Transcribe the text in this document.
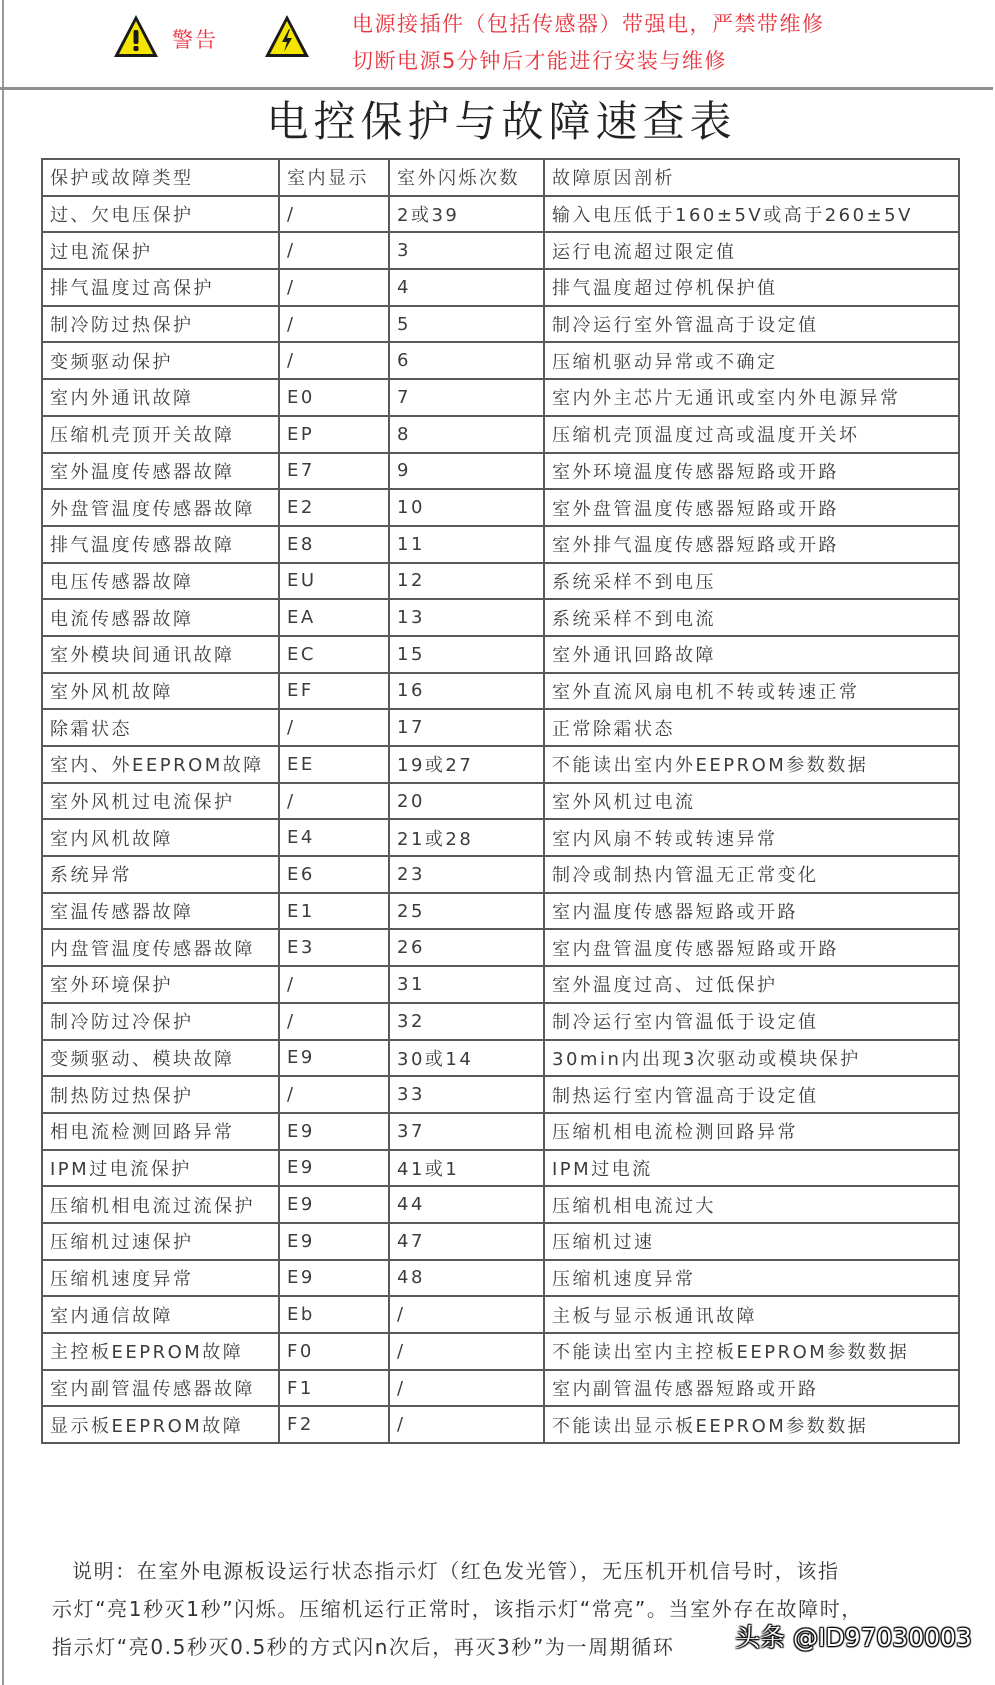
警告
电源接插件（包括传感器）带强电，严禁带维修
切断电源5分钟后才能进行安装与维修
电控保护与故障速查表
保护或故障类型	室内显示	室外闪烁次数	故障原因剖析
过、欠电压保护	/	2或39	输入电压低于160±5V或高于260±5V
过电流保护	/	3	运行电流超过限定值
排气温度过高保护	/	4	排气温度超过停机保护值
制冷防过热保护	/	5	制冷运行室外管温高于设定值
变频驱动保护	/	6	压缩机驱动异常或不确定
室内外通讯故障	E0	7	室内外主芯片无通讯或室内外电源异常
压缩机壳顶开关故障	EP	8	压缩机壳顶温度过高或温度开关坏
室外温度传感器故障	E7	9	室外环境温度传感器短路或开路
外盘管温度传感器故障	E2	10	室外盘管温度传感器短路或开路
排气温度传感器故障	E8	11	室外排气温度传感器短路或开路
电压传感器故障	EU	12	系统采样不到电压
电流传感器故障	EA	13	系统采样不到电流
室外模块间通讯故障	EC	15	室外通讯回路故障
室外风机故障	EF	16	室外直流风扇电机不转或转速正常
除霜状态	/	17	正常除霜状态
室内、外EEPROM故障	EE	19或27	不能读出室内外EEPROM参数数据
室外风机过电流保护	/	20	室外风机过电流
室内风机故障	E4	21或28	室内风扇不转或转速异常
系统异常	E6	23	制冷或制热内管温无正常变化
室温传感器故障	E1	25	室内温度传感器短路或开路
内盘管温度传感器故障	E3	26	室内盘管温度传感器短路或开路
室外环境保护	/	31	室外温度过高、过低保护
制冷防过冷保护	/	32	制冷运行室内管温低于设定值
变频驱动、模块故障	E9	30或14	30min内出现3次驱动或模块保护
制热防过热保护	/	33	制热运行室内管温高于设定值
相电流检测回路异常	E9	37	压缩机相电流检测回路异常
IPM过电流保护	E9	41或1	IPM过电流
压缩机相电流过流保护	E9	44	压缩机相电流过大
压缩机过速保护	E9	47	压缩机过速
压缩机速度异常	E9	48	压缩机速度异常
室内通信故障	Eb	/	主板与显示板通讯故障
主控板EEPROM故障	F0	/	不能读出室内主控板EEPROM参数数据
室内副管温传感器故障	F1	/	室内副管温传感器短路或开路
显示板EEPROM故障	F2	/	不能读出显示板EEPROM参数数据
说明：在室外电源板设运行状态指示灯（红色发光管），无压机开机信号时，该指
示灯“亮1秒灭1秒”闪烁。压缩机运行正常时，该指示灯“常亮”。当室外存在故障时，
指示灯“亮0.5秒灭0.5秒的方式闪n次后，再灭3秒”为一周期循环	头条 @ID97030003
